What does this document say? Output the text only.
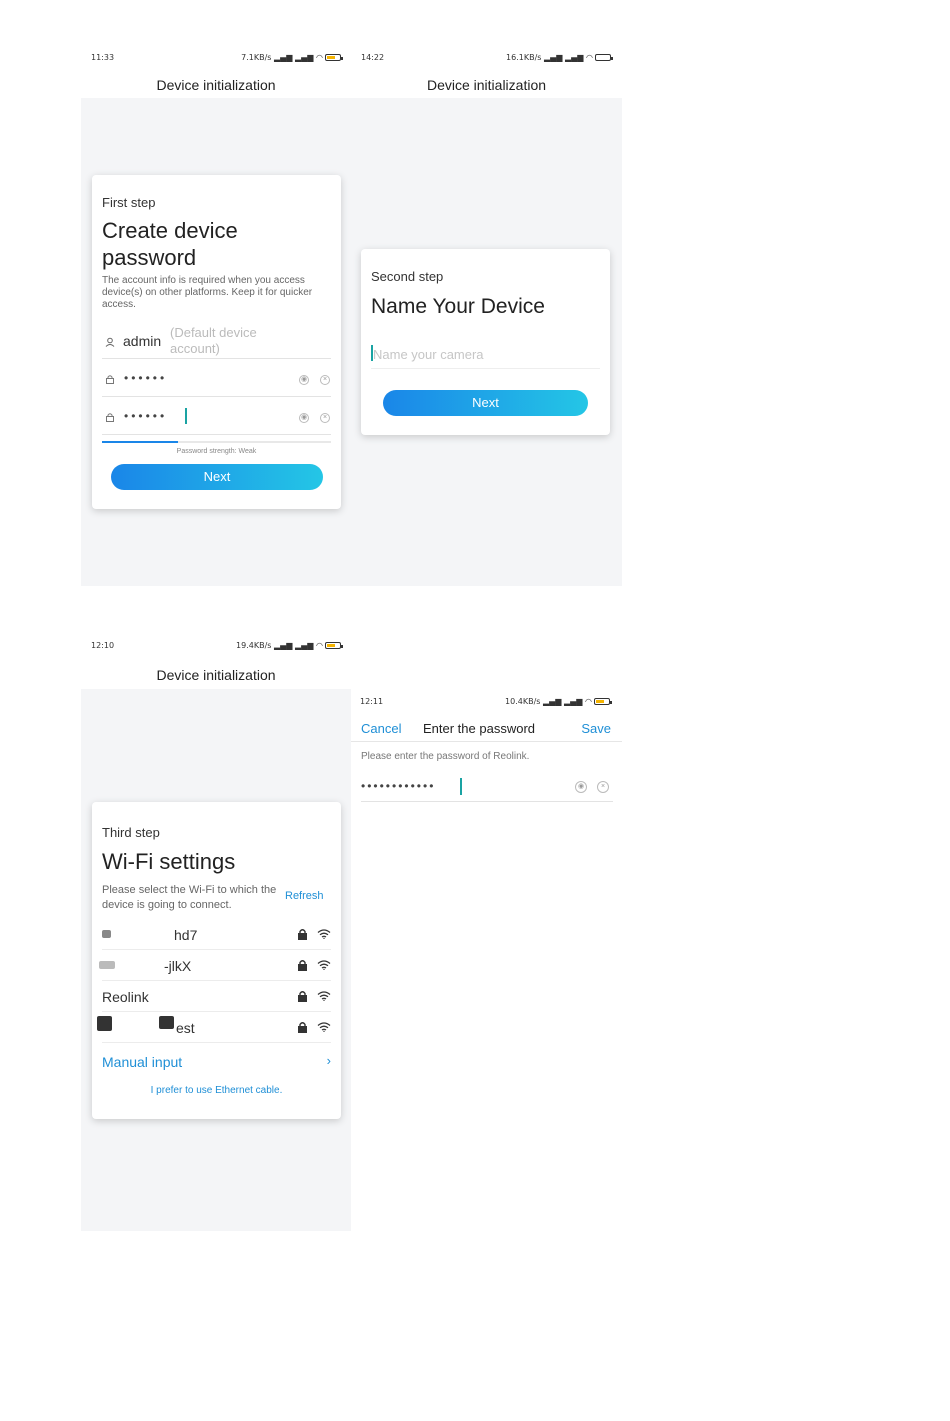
11:33	7.1KB/s ▂▄▆ ▂▄▆ ◠
Device initialization
First step
Create device
password
The account info is required when you access device(s) on other platforms. Keep it for quicker access.
admin
(Default device account)
••••••	◉	×
••••••	◉	×
Password strength: Weak
Next
14:22	16.1KB/s ▂▄▆ ▂▄▆ ◠
Device initialization
Second step
Name Your Device
Name your camera
Next
12:10	19.4KB/s ▂▄▆ ▂▄▆ ◠
Device initialization
Third step
Wi-Fi settings
Please select the Wi-Fi to which the device is going to connect.
Refresh
hd7
-jlkX
Reolink
est
Manual input	›
I prefer to use Ethernet cable.
12:11	10.4KB/s ▂▄▆ ▂▄▆ ◠
Cancel Enter the password	Save
Please enter the password of Reolink.
••••••••••••	◉	×
